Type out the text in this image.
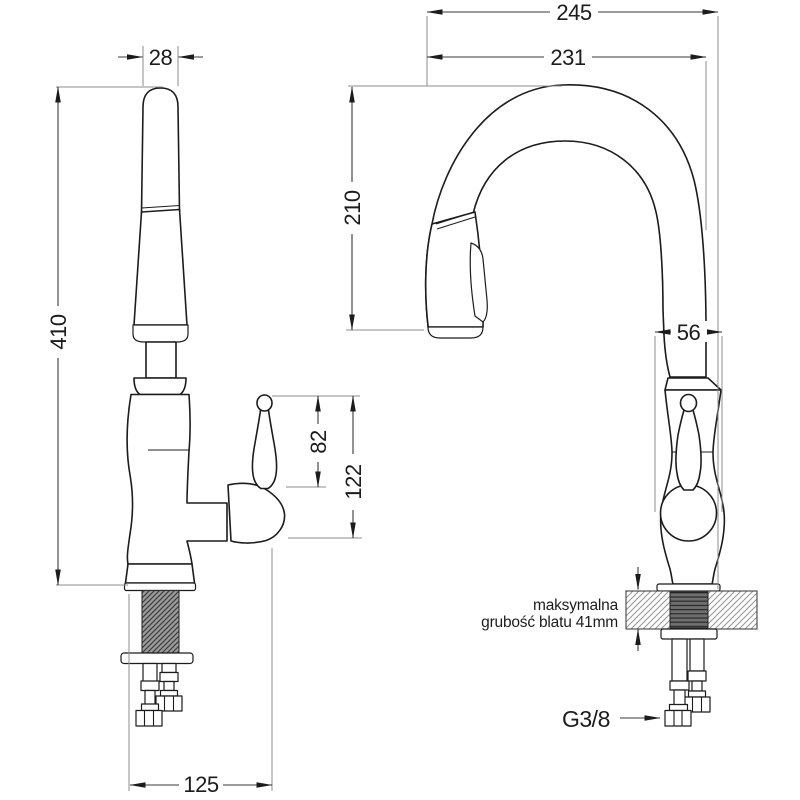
28
410
82
122
125
245
231
210
56
maksymalna
grubość blatu 41mm
G3/8
